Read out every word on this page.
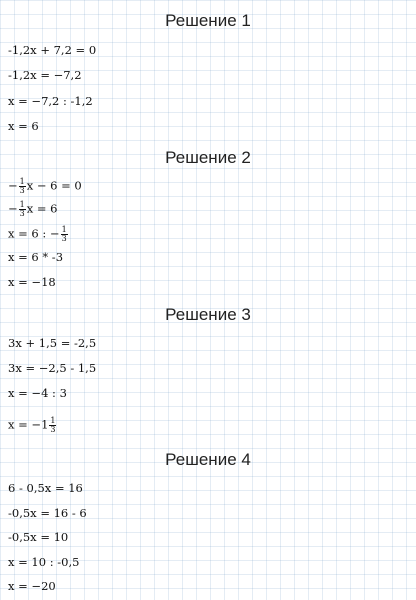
Решение 1
-1,2x + 7,2 = 0
-1,2x = −7,2
x = −7,2 : -1,2
x = 6
Решение 2
− $\frac{1}{3}$ x − 6 = 0
− $\frac{1}{3}$ x = 6
x = 6 : − $\frac{1}{3}$
x = 6 * -3
x = −18
Решение 3
3x + 1,5 = -2,5
3x = −2,5 - 1,5
x = −4 : 3
$x = -1 \frac{1}{3}$
Решение 4
6 - 0,5x = 16
-0,5x = 16 - 6
-0,5x = 10
x = 10 : -0,5
x = −20
